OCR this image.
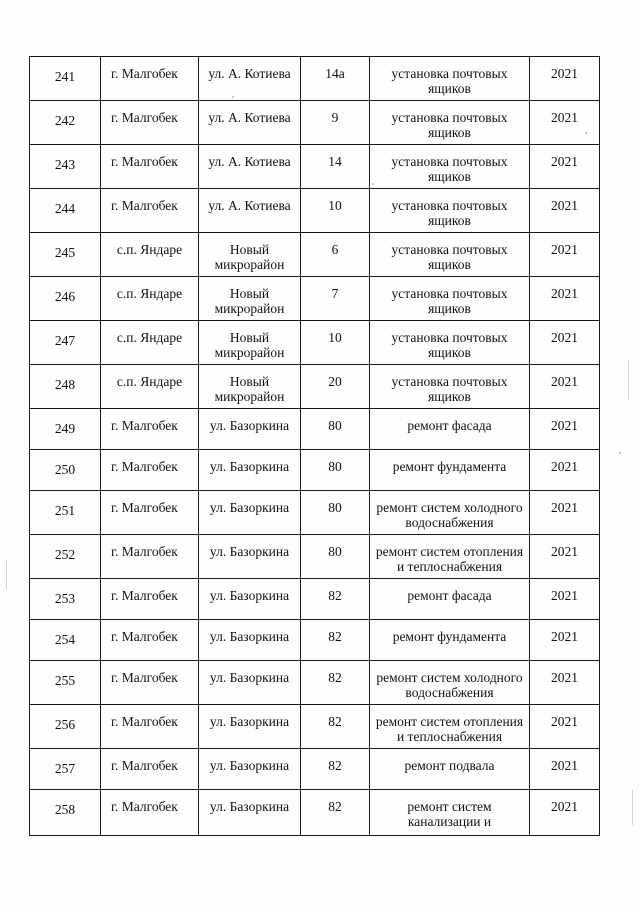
241	г. Малгобек	ул. А. Котиева	14а	установка почтовых ящиков	2021
242	г. Малгобек	ул. А. Котиева	9	установка почтовых ящиков	2021
243	г. Малгобек	ул. А. Котиева	14	установка почтовых ящиков	2021
244	г. Малгобек	ул. А. Котиева	10	установка почтовых ящиков	2021
245	с.п. Яндаре	Новый микрорайон	6	установка почтовых ящиков	2021
246	с.п. Яндаре	Новый микрорайон	7	установка почтовых ящиков	2021
247	с.п. Яндаре	Новый микрорайон	10	установка почтовых ящиков	2021
248	с.п. Яндаре	Новый микрорайон	20	установка почтовых ящиков	2021
249	г. Малгобек	ул. Базоркина	80	ремонт фасада	2021
250	г. Малгобек	ул. Базоркина	80	ремонт фундамента	2021
251	г. Малгобек	ул. Базоркина	80	ремонт систем холодного водоснабжения	2021
252	г. Малгобек	ул. Базоркина	80	ремонт систем отопления и теплоснабжения	2021
253	г. Малгобек	ул. Базоркина	82	ремонт фасада	2021
254	г. Малгобек	ул. Базоркина	82	ремонт фундамента	2021
255	г. Малгобек	ул. Базоркина	82	ремонт систем холодного водоснабжения	2021
256	г. Малгобек	ул. Базоркина	82	ремонт систем отопления и теплоснабжения	2021
257	г. Малгобек	ул. Базоркина	82	ремонт подвала	2021
258	г. Малгобек	ул. Базоркина	82	ремонт систем канализации и	2021
